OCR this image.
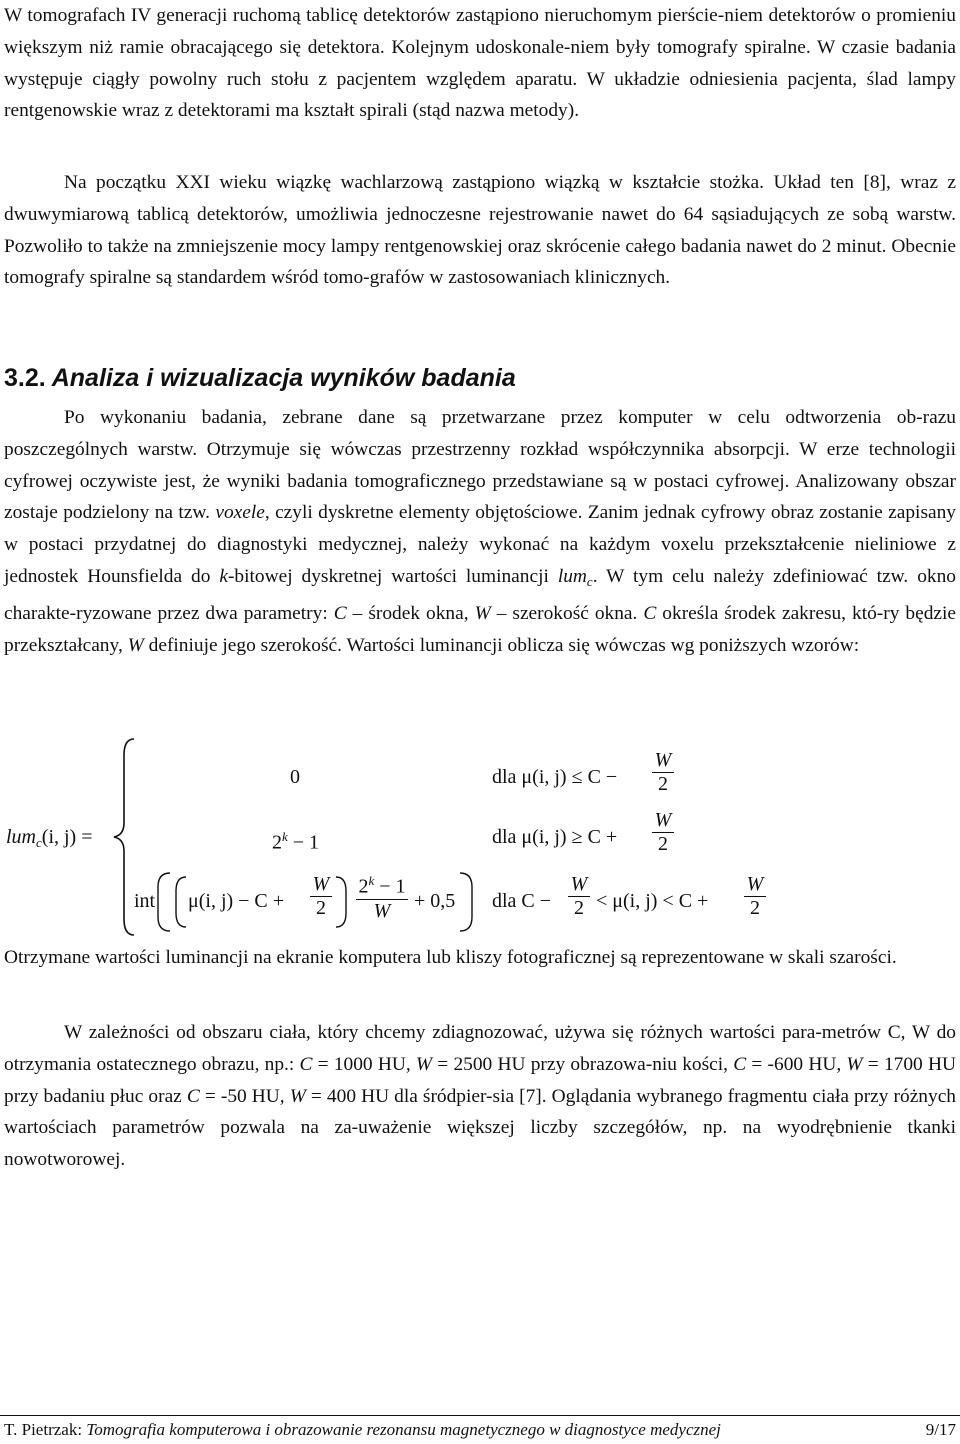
W tomografach IV generacji ruchomą tablicę detektorów zastąpiono nieruchomym pierście-niem detektorów o promieniu większym niż ramie obracającego się detektora. Kolejnym udoskonale-niem były tomografy spiralne. W czasie badania występuje ciągły powolny ruch stołu z pacjentem względem aparatu. W układzie odniesienia pacjenta, ślad lampy rentgenowskie wraz z detektorami ma kształt spirali (stąd nazwa metody).

Na początku XXI wieku wiązkę wachlarzową zastąpiono wiązką w kształcie stożka. Układ ten [8], wraz z dwuwymiarową tablicą detektorów, umożliwia jednoczesne rejestrowanie nawet do 64 sąsiadujących ze sobą warstw. Pozwoliło to także na zmniejszenie mocy lampy rentgenowskiej oraz skrócenie całego badania nawet do 2 minut. Obecnie tomografy spiralne są standardem wśród tomo-grafów w zastosowaniach klinicznych.

3.2. Analiza i wizualizacja wyników badania

Po wykonaniu badania, zebrane dane są przetwarzane przez komputer w celu odtworzenia ob-razu poszczególnych warstw. Otrzymuje się wówczas przestrzenny rozkład współczynnika absorpcji. W erze technologii cyfrowej oczywiste jest, że wyniki badania tomograficznego przedstawiane są w postaci cyfrowej. Analizowany obszar zostaje podzielony na tzw. voxele, czyli dyskretne elementy objętościowe. Zanim jednak cyfrowy obraz zostanie zapisany w postaci przydatnej do diagnostyki medycznej, należy wykonać na każdym voxelu przekształcenie nieliniowe z jednostek Hounsfielda do k-bitowej dyskretnej wartości luminancji lum$_c$. W tym celu należy zdefiniować tzw. okno charakte-ryzowane przez dwa parametry: C – środek okna, W – szerokość okna. C określa środek zakresu, któ-ry będzie przekształcany, W definiuje jego szerokość. Wartości luminancji oblicza się wówczas wg poniższych wzorów:

lum$_c$(i, j) =
0	dla μ(i, j) ≤ C −
W
2
$2^k - 1$	dla μ(i, j) ≥ C +
W
2
int μ(i, j) − C +
W
2
$2^k - 1$
W	+ 0,5 dla C −
W
2 < μ(i, j) < C +
W
2

Otrzymane wartości luminancji na ekranie komputera lub kliszy fotograficznej są reprezentowane w skali szarości.

W zależności od obszaru ciała, który chcemy zdiagnozować, używa się różnych wartości para-metrów C, W do otrzymania ostatecznego obrazu, np.: C = 1000 HU, W = 2500 HU przy obrazowa-niu kości, C = -600 HU, W = 1700 HU przy badaniu płuc oraz C = -50 HU, W = 400 HU dla śródpier-sia [7]. Oglądania wybranego fragmentu ciała przy różnych wartościach parametrów pozwala na za-uważenie większej liczby szczegółów, np. na wyodrębnienie tkanki nowotworowej.

T. Pietrzak: Tomografia komputerowa i obrazowanie rezonansu magnetycznego w diagnostyce medycznej	9/17
